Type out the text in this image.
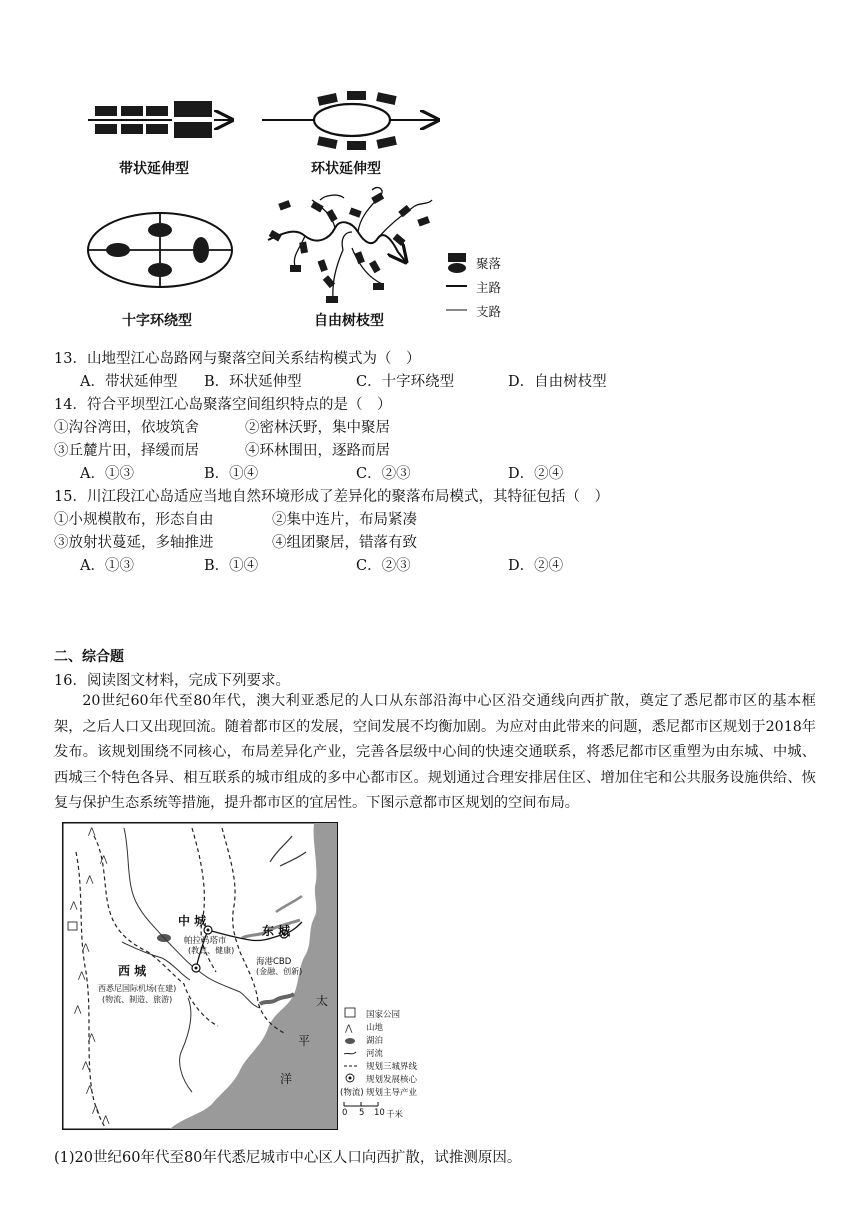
带状延伸型	环状延伸型
十字环绕型	自由树枝型
聚落
主路
支路
13．山地型江心岛路网与聚落空间关系结构模式为（　）
A．带状延伸型 B．环状延伸型	C．十字环绕型	D．自由树枝型
14．符合平坝型江心岛聚落空间组织特点的是（　）
①沟谷湾田，依坡筑舍	②密林沃野，集中聚居
③丘麓片田，择缓而居	④环林围田，逐路而居
A．①③	B．①④	C．②③	D．②④
15．川江段江心岛适应当地自然环境形成了差异化的聚落布局模式，其特征包括（　）
①小规模散布，形态自由	②集中连片，布局紧凑
③放射状蔓延，多轴推进	④组团聚居，错落有致
A．①③	B．①④	C．②③	D．②④
二、综合题
16．阅读图文材料，完成下列要求。
20世纪60年代至80年代，澳大利亚悉尼的人口从东部沿海中心区沿交通线向西扩散，奠定了悉尼都市区的基本框架，之后人口又出现回流。随着都市区的发展，空间发展不均衡加剧。为应对由此带来的问题，悉尼都市区规划于2018年发布。该规划围绕不同核心，布局差异化产业，完善各层级中心间的快速交通联系，将悉尼都市区重塑为由东城、中城、西城三个特色各异、相互联系的城市组成的多中心都市区。规划通过合理安排居住区、增加住宅和公共服务设施供给、恢复与保护生态系统等措施，提升都市区的宜居性。下图示意都市区规划的空间布局。
⋀
⋀
⋀
⋀
⋀
⋀
⋀
⋀
⋀
⋀
⋀
⋀
中 城
东 城
西 城
帕拉马塔市
(教育、健康)
海港CBD
(金融、创新)
西悉尼国际机场(在建)
(物流、制造、旅游)	太
平
洋
⋀
国家公园
山地
湖泊
河流
规划三城界线
规划发展核心
(物流) 规划主导产业
0 5 10 千米
(1)20世纪60年代至80年代悉尼城市中心区人口向西扩散，试推测原因。
